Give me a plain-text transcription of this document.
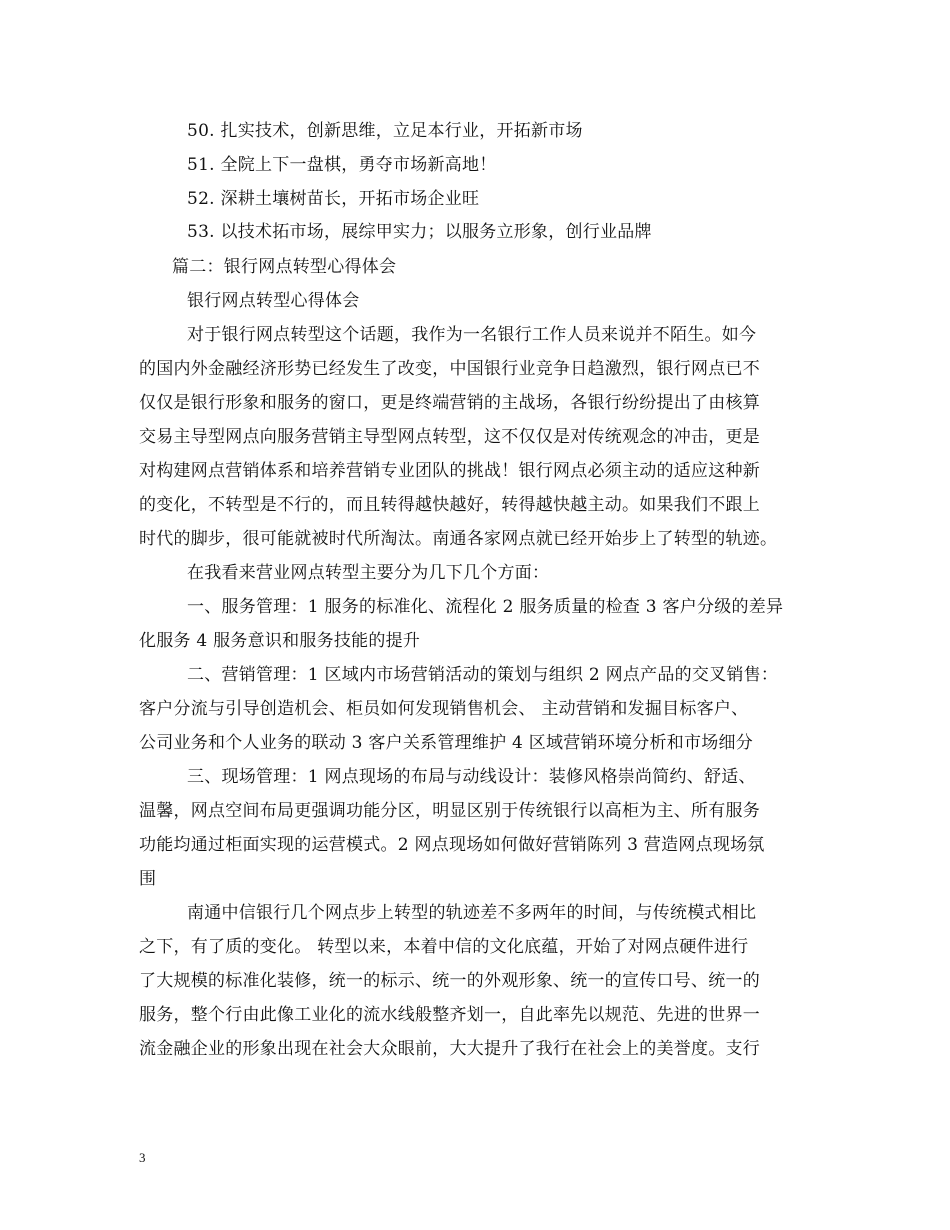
50. 扎实技术，创新思维，立足本行业，开拓新市场

51. 全院上下一盘棋，勇夺市场新高地！

52. 深耕土壤树苗长，开拓市场企业旺

53. 以技术拓市场，展综甲实力；以服务立形象，创行业品牌

篇二：银行网点转型心得体会

银行网点转型心得体会

对于银行网点转型这个话题，我作为一名银行工作人员来说并不陌生。如今

的国内外金融经济形势已经发生了改变，中国银行业竞争日趋激烈，银行网点已不

仅仅是银行形象和服务的窗口，更是终端营销的主战场，各银行纷纷提出了由核算

交易主导型网点向服务营销主导型网点转型，这不仅仅是对传统观念的冲击，更是

对构建网点营销体系和培养营销专业团队的挑战！银行网点必须主动的适应这种新

的变化，不转型是不行的，而且转得越快越好，转得越快越主动。如果我们不跟上

时代的脚步，很可能就被时代所淘汰。南通各家网点就已经开始步上了转型的轨迹。

在我看来营业网点转型主要分为几下几个方面：

一、服务管理：1 服务的标准化、流程化 2 服务质量的检查 3 客户分级的差异

化服务 4 服务意识和服务技能的提升

二、营销管理：1 区域内市场营销活动的策划与组织 2 网点产品的交叉销售：

客户分流与引导创造机会、柜员如何发现销售机会、 主动营销和发掘目标客户、

公司业务和个人业务的联动 3 客户关系管理维护 4 区域营销环境分析和市场细分

三、现场管理：1 网点现场的布局与动线设计：装修风格崇尚简约、舒适、

温馨，网点空间布局更强调功能分区，明显区别于传统银行以高柜为主、所有服务

功能均通过柜面实现的运营模式。2 网点现场如何做好营销陈列 3 营造网点现场氛

围

南通中信银行几个网点步上转型的轨迹差不多两年的时间，与传统模式相比

之下，有了质的变化。 转型以来，本着中信的文化底蕴，开始了对网点硬件进行

了大规模的标准化装修，统一的标示、统一的外观形象、统一的宣传口号、统一的

服务，整个行由此像工业化的流水线般整齐划一，自此率先以规范、先进的世界一

流金融企业的形象出现在社会大众眼前，大大提升了我行在社会上的美誉度。支行

3
